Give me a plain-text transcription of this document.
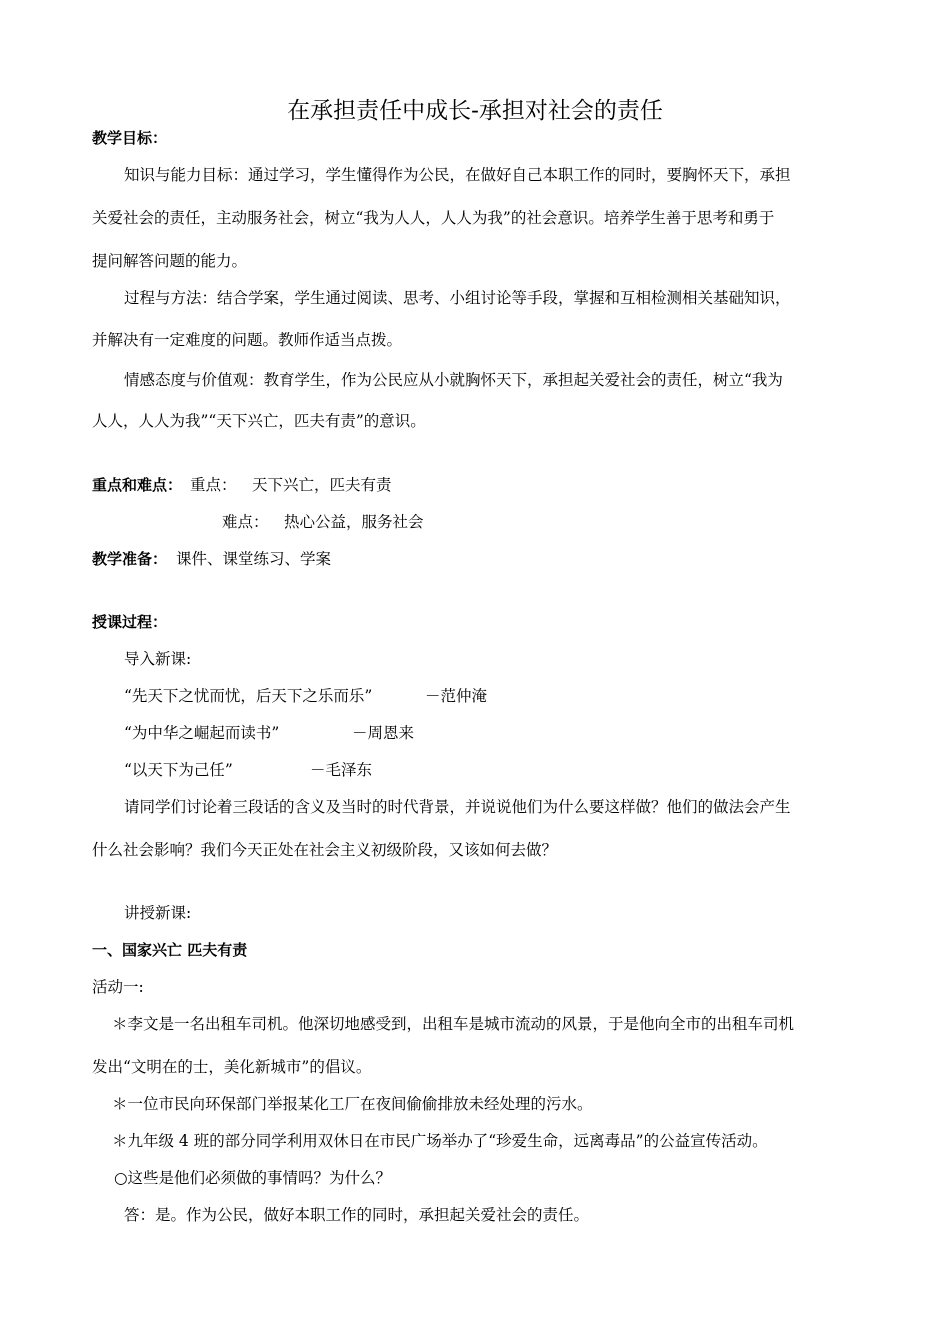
在承担责任中成长-承担对社会的责任
教学目标：
知识与能力目标：通过学习，学生懂得作为公民，在做好自己本职工作的同时，要胸怀天下，承担
关爱社会的责任，主动服务社会，树立“我为人人，人人为我”的社会意识。培养学生善于思考和勇于
提问解答问题的能力。
过程与方法：结合学案，学生通过阅读、思考、小组讨论等手段，掌握和互相检测相关基础知识，
并解决有一定难度的问题。教师作适当点拨。
情感态度与价值观：教育学生，作为公民应从小就胸怀天下，承担起关爱社会的责任，树立“我为
人人，人人为我”“天下兴亡，匹夫有责”的意识。
重点和难点： 重点： 天下兴亡，匹夫有责
难点： 热心公益，服务社会
教学准备： 课件、课堂练习、学案
授课过程：
导入新课:
“先天下之忧而忧，后天下之乐而乐”	－范仲淹
“为中华之崛起而读书”	－周恩来
“以天下为己任”	－毛泽东
请同学们讨论着三段话的含义及当时的时代背景，并说说他们为什么要这样做？他们的做法会产生
什么社会影响？我们今天正处在社会主义初级阶段，又该如何去做？
讲授新课:
一、国家兴亡 匹夫有责
活动一:
＊李文是一名出租车司机。他深切地感受到，出租车是城市流动的风景，于是他向全市的出租车司机
发出“文明在的士，美化新城市”的倡议。
＊一位市民向环保部门举报某化工厂在夜间偷偷排放未经处理的污水。
＊九年级 4 班的部分同学利用双休日在市民广场举办了“珍爱生命，远离毒品”的公益宣传活动。
○这些是他们必须做的事情吗？为什么？
答：是。作为公民，做好本职工作的同时，承担起关爱社会的责任。
